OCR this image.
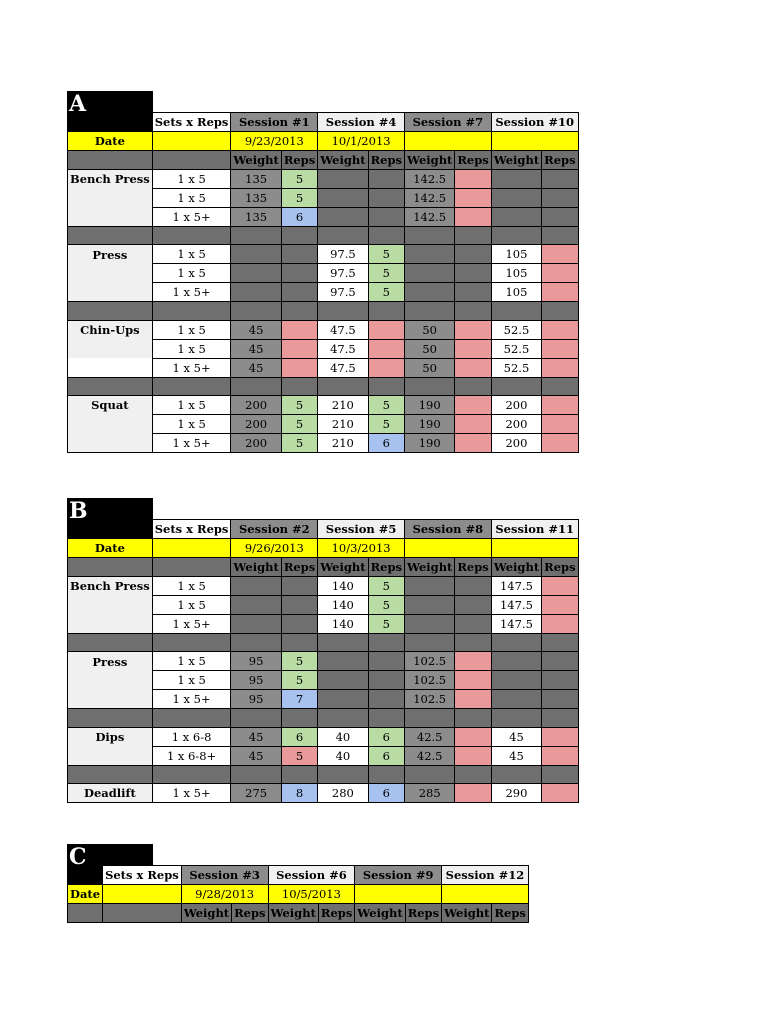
A
	Sets x Reps	Session #1		Session #4		Session #7		Session #10	
Date		9/23/2013		10/1/2013					
		Weight	Reps	Weight	Reps	Weight	Reps	Weight	Reps
Bench Press	1 x 5	135	5			142.5			
	1 x 5	135	5			142.5			
	1 x 5+	135	6			142.5			

Press	1 x 5			97.5	5			105	
	1 x 5			97.5	5			105	
	1 x 5+			97.5	5			105	

Chin-Ups	1 x 5	45		47.5		50		52.5	
	1 x 5	45		47.5		50		52.5	
	1 x 5+	45		47.5		50		52.5	

Squat	1 x 5	200	5	210	5	190		200	
	1 x 5	200	5	210	5	190		200	
	1 x 5+	200	5	210	6	190		200	
B
	Sets x Reps	Session #2		Session #5		Session #8		Session #11	
Date		9/26/2013		10/3/2013					
		Weight	Reps	Weight	Reps	Weight	Reps	Weight	Reps
Bench Press	1 x 5			140	5			147.5	
	1 x 5			140	5			147.5	
	1 x 5+			140	5			147.5	

Press	1 x 5	95	5			102.5			
	1 x 5	95	5			102.5			
	1 x 5+	95	7			102.5			

Dips	1 x 6-8	45	6	40	6	42.5		45	
	1 x 6-8+	45	5	40	6	42.5		45	

Deadlift	1 x 5+	275	8	280	6	285		290	
C
	Sets x Reps	Session #3		Session #6		Session #9		Session #12	
Date		9/28/2013		10/5/2013					
		Weight	Reps	Weight	Reps	Weight	Reps	Weight	Reps
